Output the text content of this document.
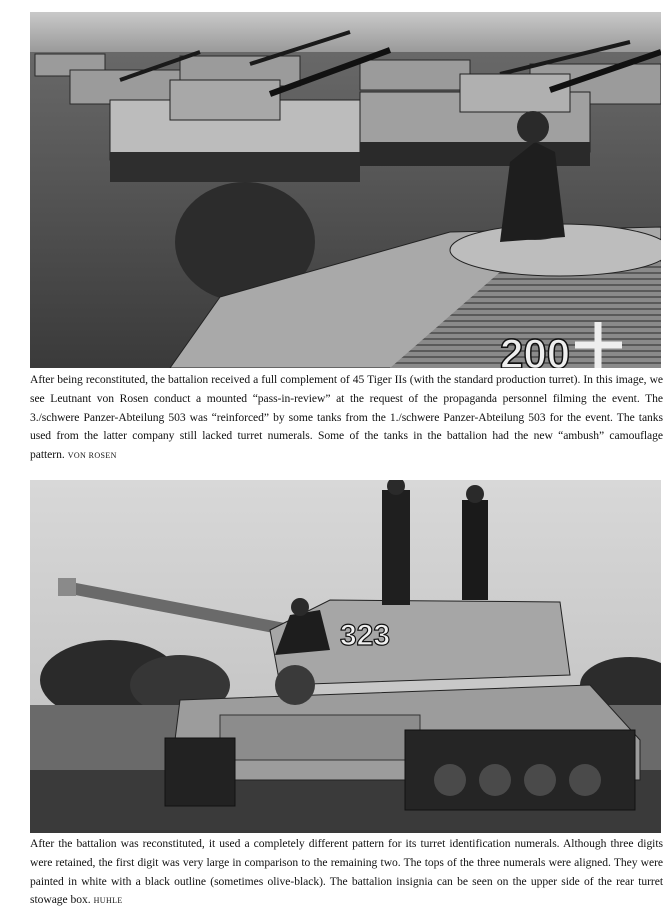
200
After being reconstituted, the battalion received a full complement of 45 Tiger IIs (with the standard production turret). In this image, we see Leutnant von Rosen conduct a mounted “pass-in-review” at the request of the propaganda personnel filming the event. The 3./schwere Panzer-Abteilung 503 was “reinforced” by some tanks from the 1./schwere Panzer-Abteilung 503 for the event. The tanks used from the latter company still lacked turret numerals. Some of the tanks in the battalion had the new “ambush” camouflage pattern. VON ROSEN
323
After the battalion was reconstituted, it used a completely different pattern for its turret identification numerals. Although three digits were retained, the first digit was very large in comparison to the remaining two. The tops of the three numerals were aligned. They were painted in white with a black outline (sometimes olive-black). The battalion insignia can be seen on the upper side of the rear turret stowage box. HUHLE
